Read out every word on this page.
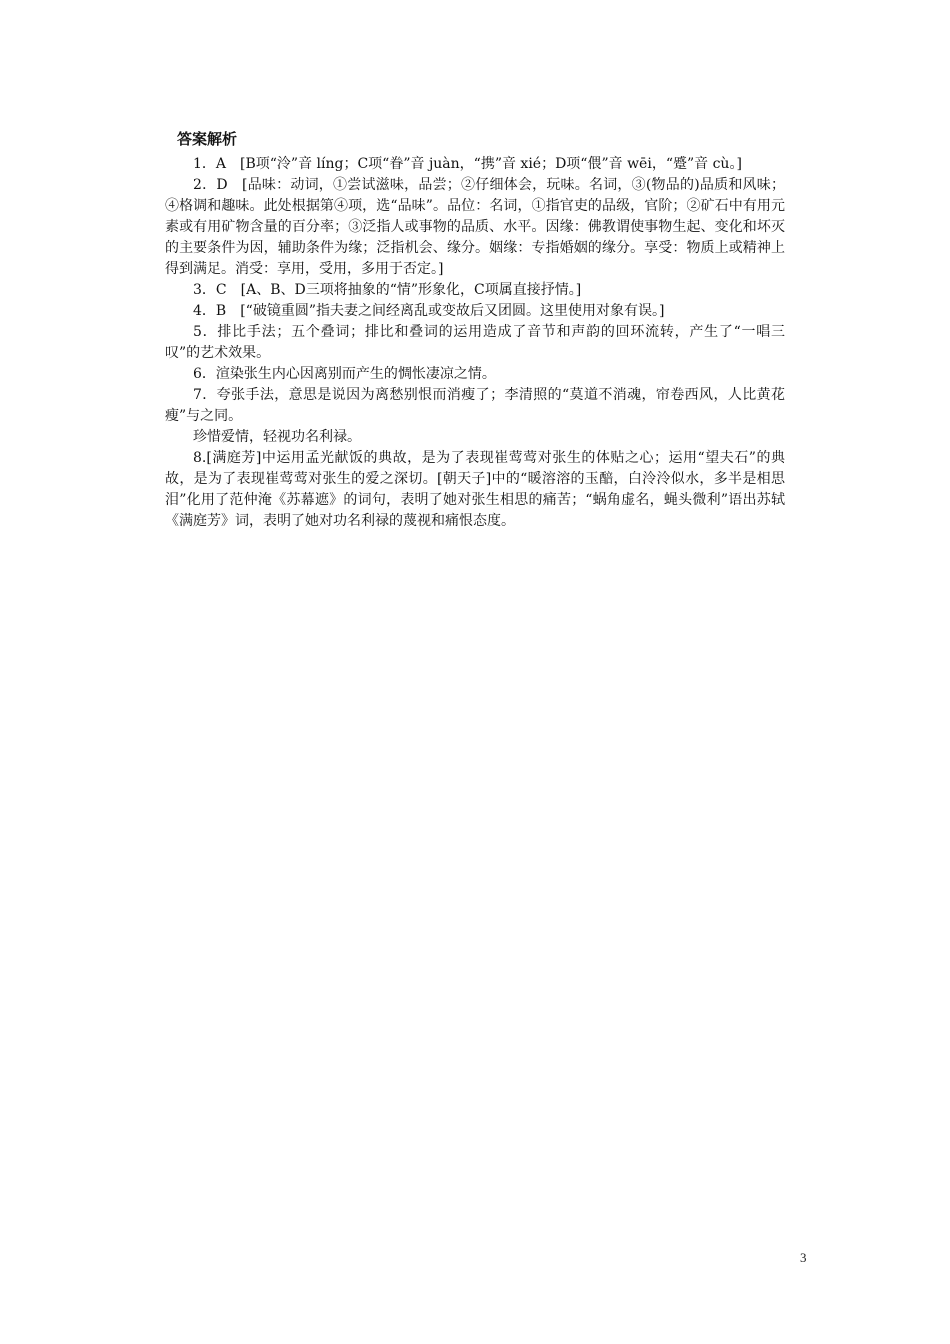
答案解析

1．A　[B项“泠”音 líng；C项“眷”音 juàn，“携”音 xié；D项“偎”音 wēi，“蹙”音 cù。]

2．D　[品味：动词，①尝试滋味，品尝；②仔细体会，玩味。名词，③(物品的)品质和风味；④格调和趣味。此处根据第④项，选“品味”。品位：名词，①指官吏的品级，官阶；②矿石中有用元素或有用矿物含量的百分率；③泛指人或事物的品质、水平。因缘：佛教谓使事物生起、变化和坏灭的主要条件为因，辅助条件为缘；泛指机会、缘分。姻缘：专指婚姻的缘分。享受：物质上或精神上得到满足。消受：享用，受用，多用于否定。]

3．C　[A、B、D三项将抽象的“情”形象化，C项属直接抒情。]

4．B　[“破镜重圆”指夫妻之间经离乱或变故后又团圆。这里使用对象有误。]

5．排比手法；五个叠词；排比和叠词的运用造成了音节和声韵的回环流转，产生了“一唱三叹”的艺术效果。

6．渲染张生内心因离别而产生的惆怅凄凉之情。

7．夸张手法，意思是说因为离愁别恨而消瘦了；李清照的“莫道不消魂，帘卷西风，人比黄花瘦”与之同。

珍惜爱情，轻视功名利禄。

8.[满庭芳]中运用孟光献饭的典故，是为了表现崔莺莺对张生的体贴之心；运用“望夫石”的典故，是为了表现崔莺莺对张生的爱之深切。[朝天子]中的“暖溶溶的玉醅，白泠泠似水，多半是相思泪”化用了范仲淹《苏幕遮》的词句，表明了她对张生相思的痛苦；“蜗角虚名，蝇头微利”语出苏轼《满庭芳》词，表明了她对功名利禄的蔑视和痛恨态度。

3
